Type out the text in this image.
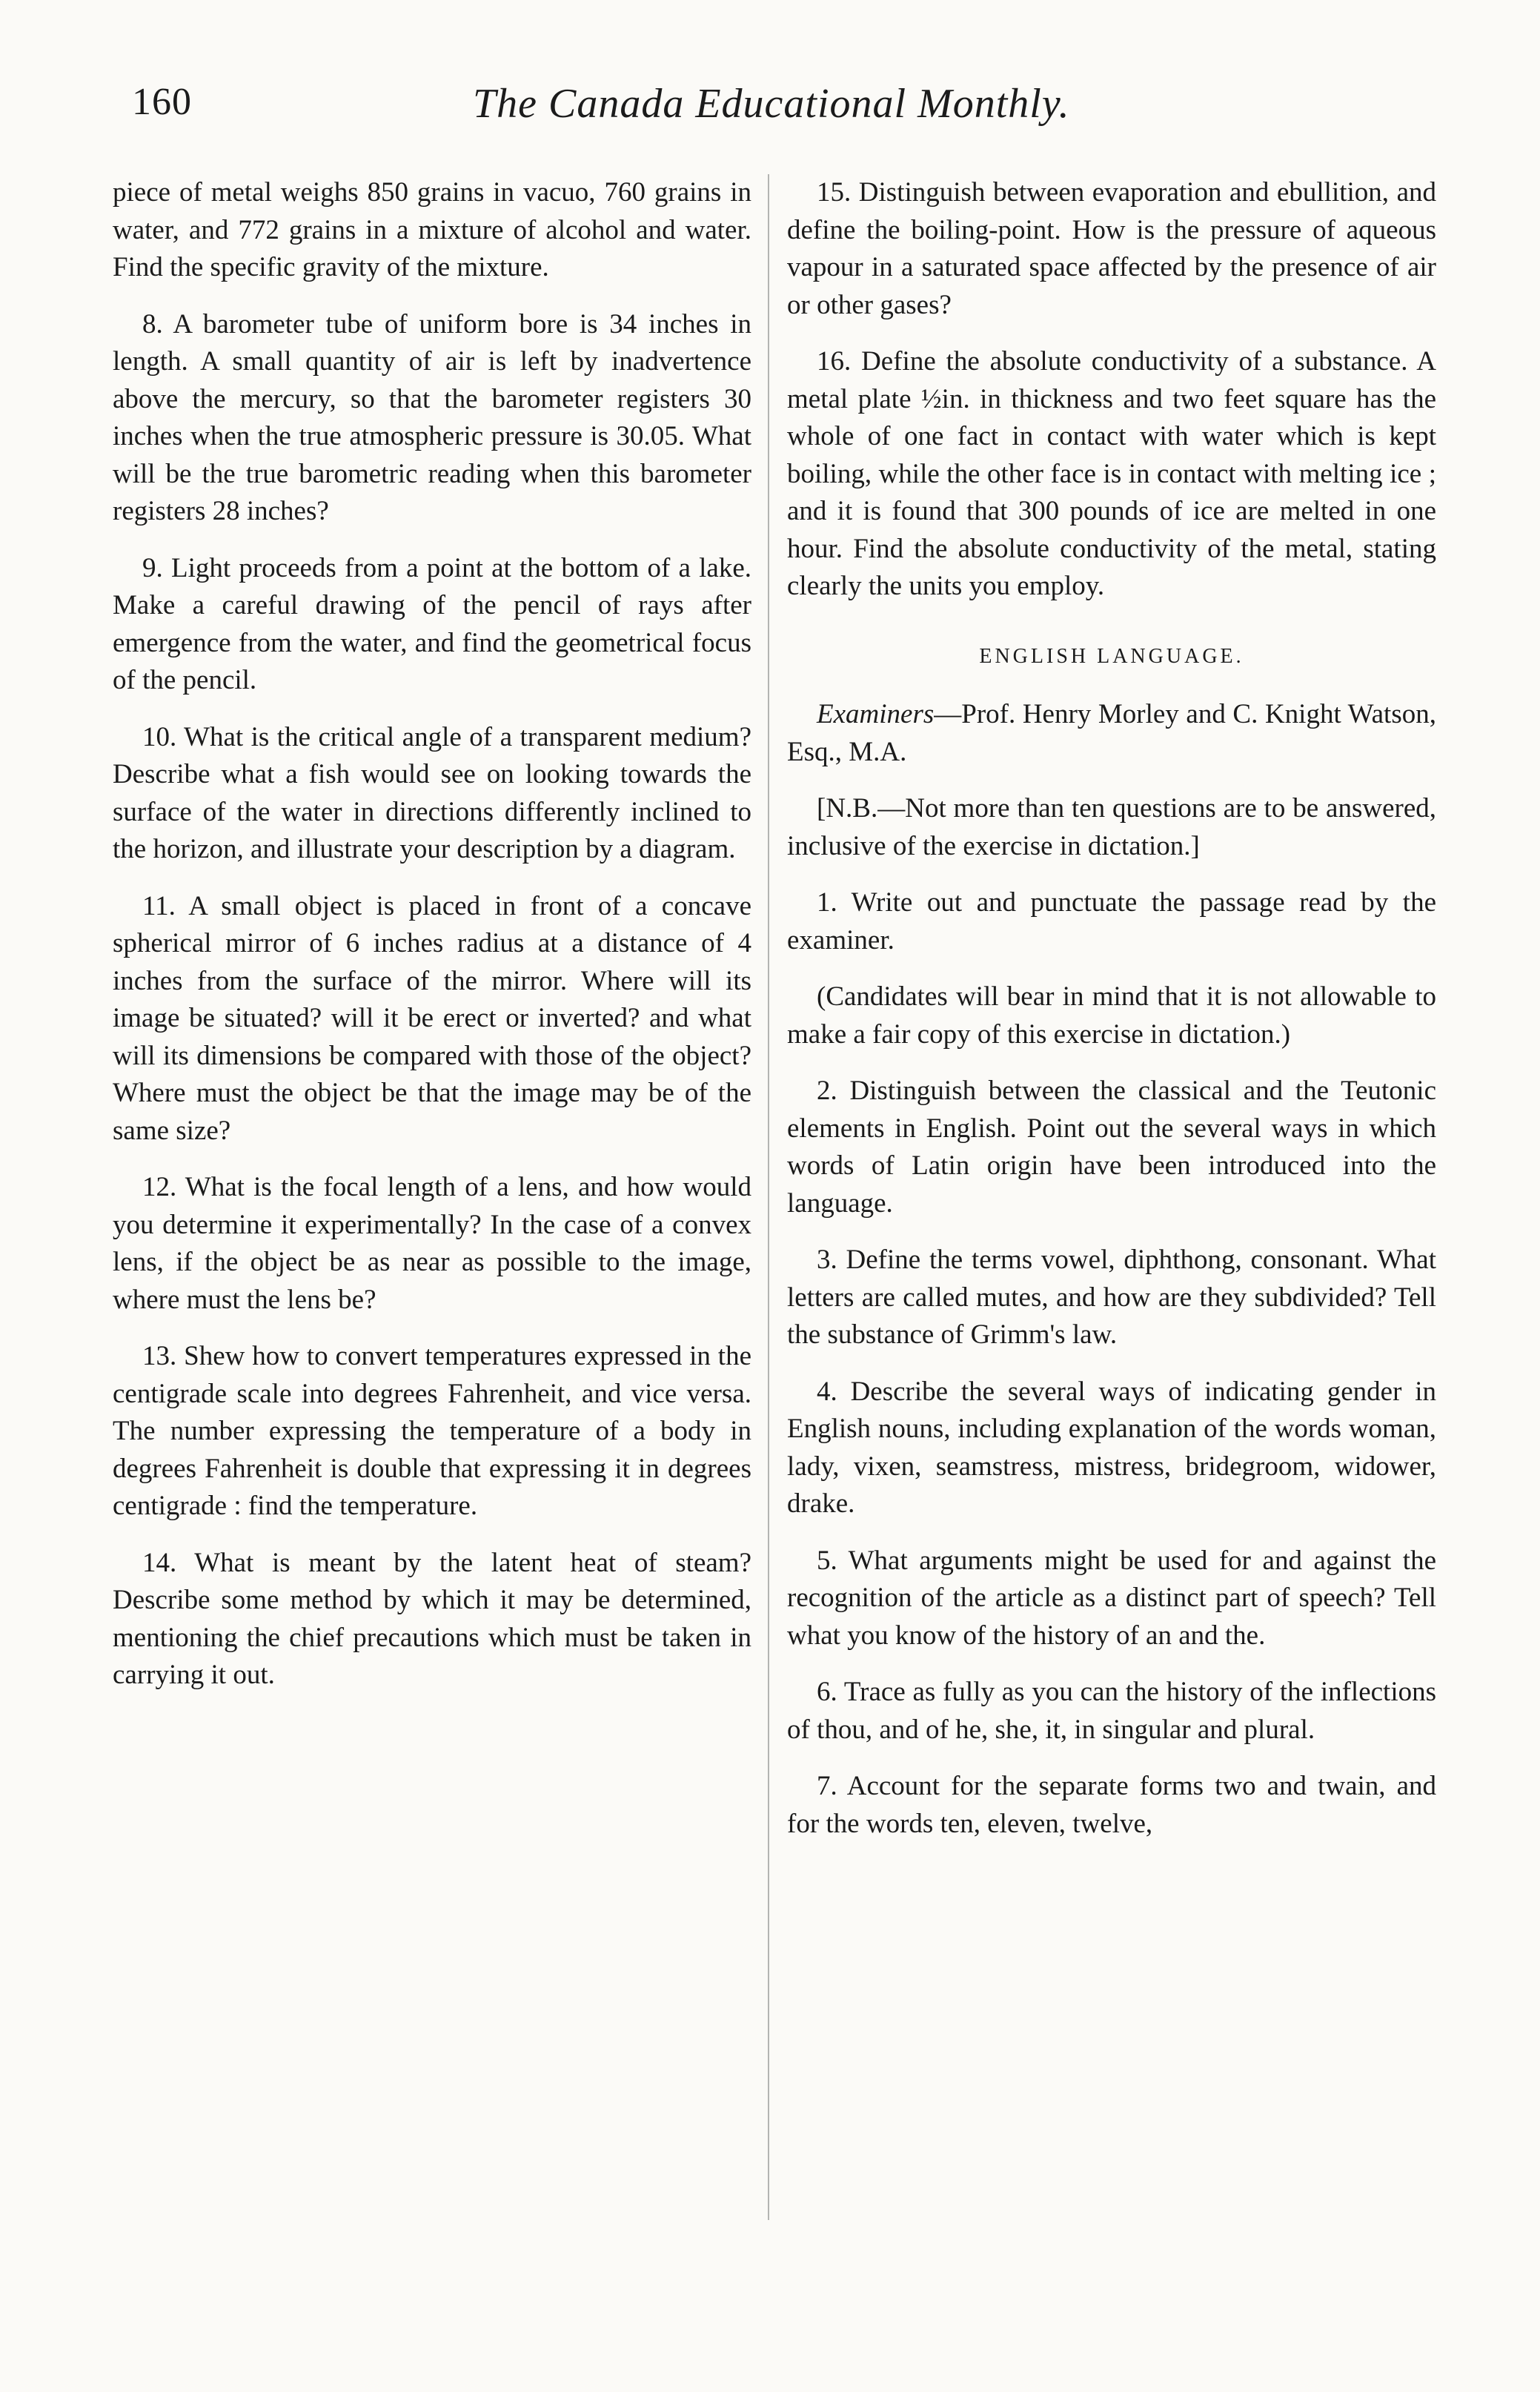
160	The Canada Educational Monthly.

piece of metal weighs 850 grains in vacuo, 760 grains in water, and 772 grains in a mixture of alcohol and water. Find the specific gravity of the mixture.

8. A barometer tube of uniform bore is 34 inches in length. A small quantity of air is left by inadvertence above the mercury, so that the barometer registers 30 inches when the true atmospheric pressure is 30.05. What will be the true barometric reading when this barometer registers 28 inches?

9. Light proceeds from a point at the bottom of a lake. Make a careful drawing of the pencil of rays after emergence from the water, and find the geometrical focus of the pencil.

10. What is the critical angle of a transparent medium? Describe what a fish would see on looking towards the surface of the water in directions differently inclined to the horizon, and illustrate your description by a diagram.

11. A small object is placed in front of a concave spherical mirror of 6 inches radius at a distance of 4 inches from the surface of the mirror. Where will its image be situated? will it be erect or inverted? and what will its dimensions be compared with those of the object? Where must the object be that the image may be of the same size?

12. What is the focal length of a lens, and how would you determine it experimentally? In the case of a convex lens, if the object be as near as possible to the image, where must the lens be?

13. Shew how to convert temperatures expressed in the centigrade scale into degrees Fahrenheit, and vice versa. The number expressing the temperature of a body in degrees Fahrenheit is double that expressing it in degrees centigrade : find the temperature.

14. What is meant by the latent heat of steam? Describe some method by which it may be determined, mentioning the chief precautions which must be taken in carrying it out.

15. Distinguish between evaporation and ebullition, and define the boiling-point. How is the pressure of aqueous vapour in a saturated space affected by the presence of air or other gases?

16. Define the absolute conductivity of a substance. A metal plate ½in. in thickness and two feet square has the whole of one fact in contact with water which is kept boiling, while the other face is in contact with melting ice ; and it is found that 300 pounds of ice are melted in one hour. Find the absolute conductivity of the metal, stating clearly the units you employ.

ENGLISH LANGUAGE.

Examiners—Prof. Henry Morley and C. Knight Watson, Esq., M.A.

[N.B.—Not more than ten questions are to be answered, inclusive of the exercise in dictation.]

1. Write out and punctuate the passage read by the examiner.

(Candidates will bear in mind that it is not allowable to make a fair copy of this exercise in dictation.)

2. Distinguish between the classical and the Teutonic elements in English. Point out the several ways in which words of Latin origin have been introduced into the language.

3. Define the terms vowel, diphthong, consonant. What letters are called mutes, and how are they subdivided? Tell the substance of Grimm's law.

4. Describe the several ways of indicating gender in English nouns, including explanation of the words woman, lady, vixen, seamstress, mistress, bridegroom, widower, drake.

5. What arguments might be used for and against the recognition of the article as a distinct part of speech? Tell what you know of the history of an and the.

6. Trace as fully as you can the history of the inflections of thou, and of he, she, it, in singular and plural.

7. Account for the separate forms two and twain, and for the words ten, eleven, twelve,
